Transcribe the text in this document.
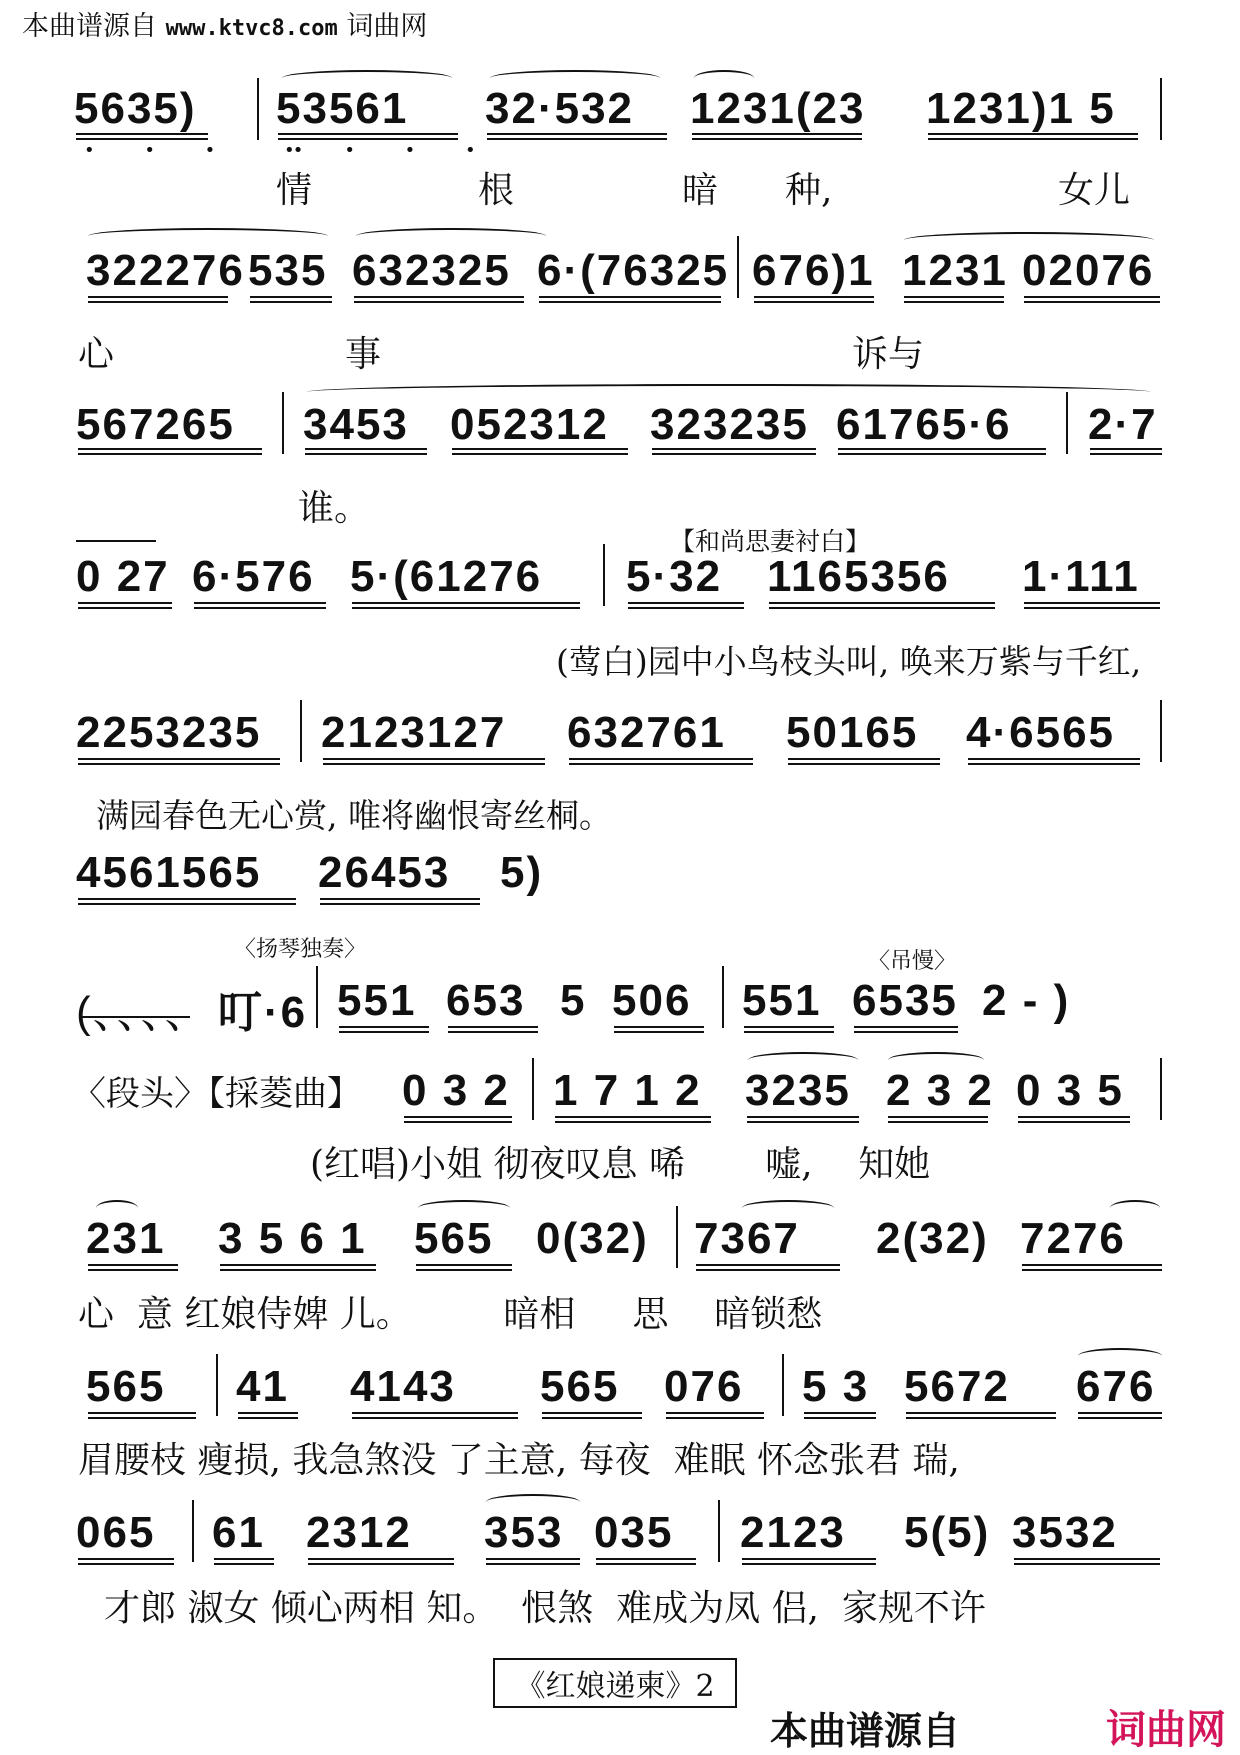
本曲谱源自 www.ktvc8.com 词曲网
5635) 53561 32·532 1231(23 1231)1 5
• • •  •
• • • •
情	根	暗 种,	女儿
322276 535 632325 6·(76325 676)1 1231 02076
心	事	诉与
567265 3453 052312 323235 61765·6 2·7
谁。
【和尚思妻衬白】
0 27 6·576 5·(61276 5·32 1165356 1·111
(莺白)园中小鸟枝头叫, 唤来万紫与千红,
2253235 2123127 632761 50165 4·6565
满园春色无心赏, 唯将幽恨寄丝桐。
4561565 26453 5)
〈扬琴独奏〉	〈吊慢〉
(、、、、 叮·6 551 653 5 506 551 6535 2 - )
〈段头〉【採菱曲】 0 3 2 1 7 1 2 3235 2 3 2 0 3 5
(红唱)小姐 彻夜叹息 唏       嘘,    知她
231 3 5 6 1 565 0(32) 7367 2(32) 7276
心  意 红娘侍婢 儿。        暗相     思    暗锁愁
565 41 4143 565 076 5 3 5672 676
眉腰枝 瘦损, 我急煞没 了主意, 每夜  难眠 怀念张君 瑞,
065 61 2312 353 035 2123 5(5) 3532
才郎 淑女 倾心两相 知。  恨煞  难成为凤 侣,  家规不许
《红娘递柬》2
本曲谱源自	词曲网
